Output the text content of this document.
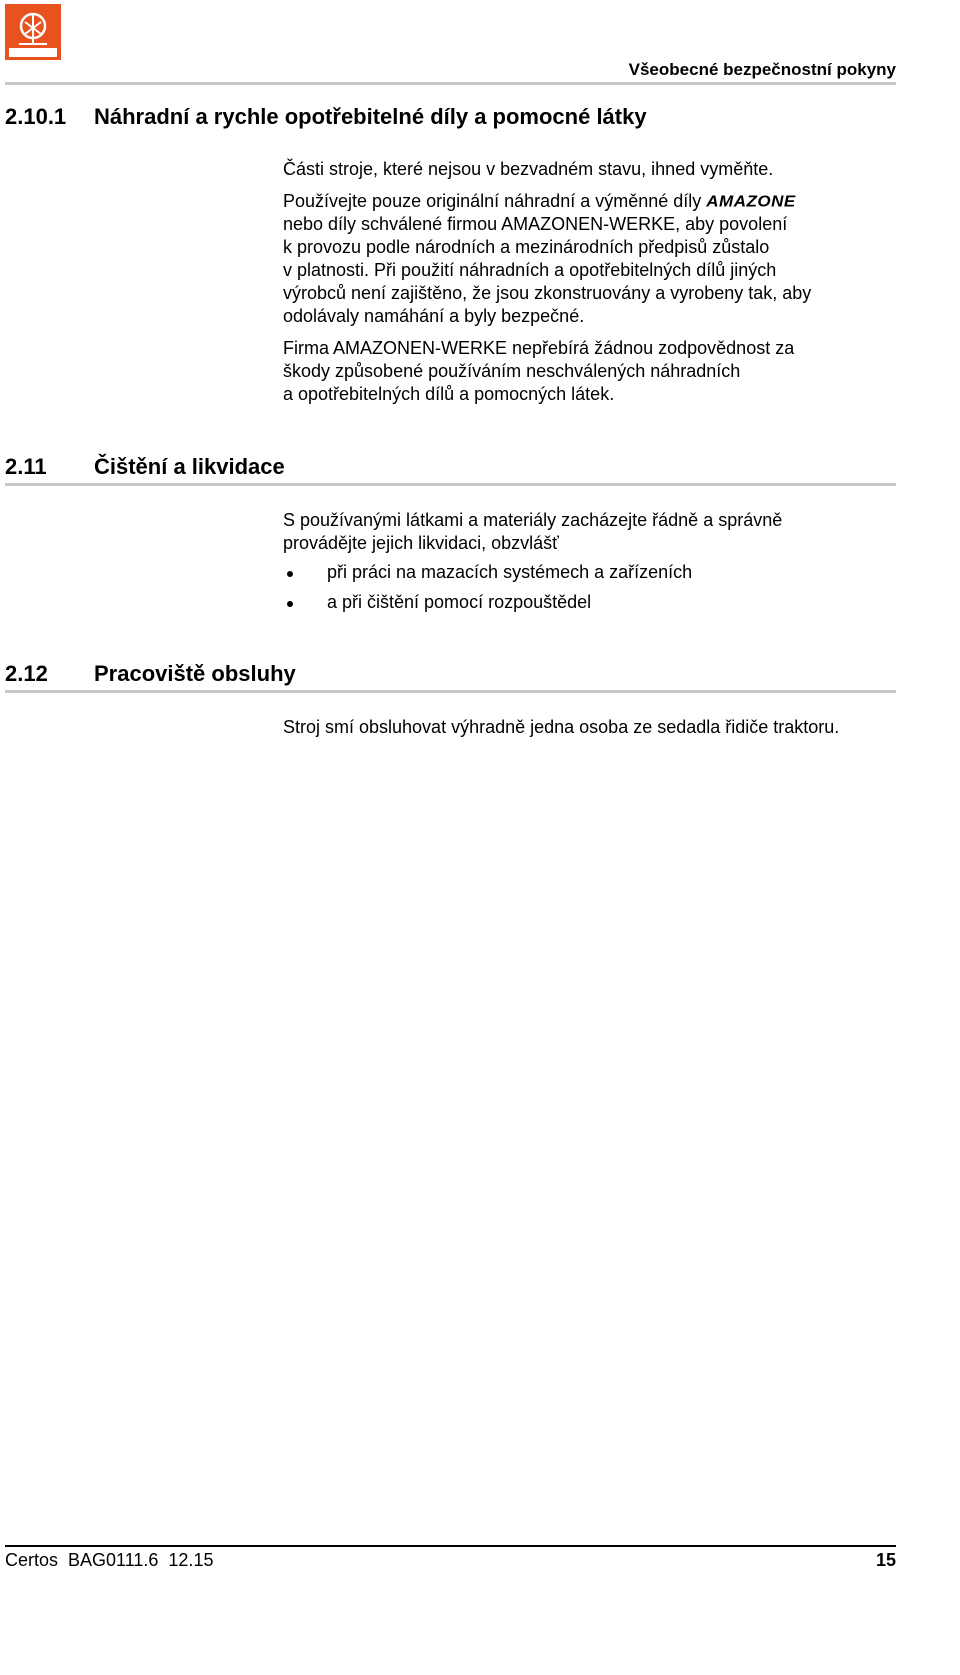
Všeobecné bezpečnostní pokyny
2.10.1 Náhradní a rychle opotřebitelné díly a pomocné látky

Části stroje, které nejsou v bezvadném stavu, ihned vyměňte.

Používejte pouze originální náhradní a výměnné díly AMAZONE
nebo díly schválené firmou AMAZONEN-WERKE, aby povolení
k provozu podle národních a mezinárodních předpisů zůstalo
v platnosti. Při použití náhradních a opotřebitelných dílů jiných
výrobců není zajištěno, že jsou zkonstruovány a vyrobeny tak, aby
odolávaly namáhání a byly bezpečné.

Firma AMAZONEN-WERKE nepřebírá žádnou zodpovědnost za
škody způsobené používáním neschválených náhradních
a opotřebitelných dílů a pomocných látek.

2.11 Čištění a likvidace

S používanými látkami a materiály zacházejte řádně a správně
provádějte jejich likvidaci, obzvlášť

při práci na mazacích systémech a zařízeních
a při čištění pomocí rozpouštědel
2.12 Pracoviště obsluhy

Stroj smí obsluhovat výhradně jedna osoba ze sedadla řidiče traktoru.

Certos  BAG0111.6  12.15	15
